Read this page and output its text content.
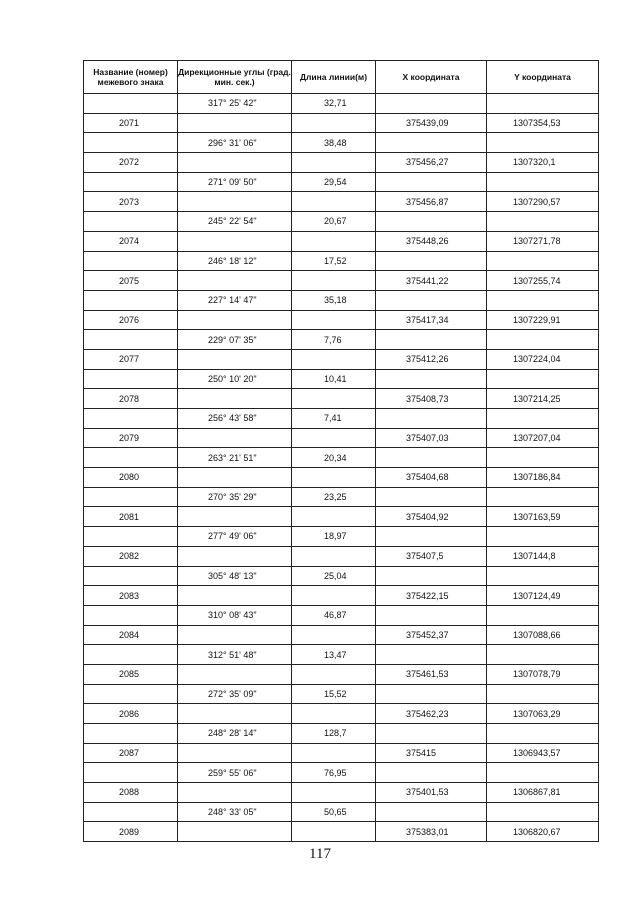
Название (номер) межевого знака	Дирекционные углы (град. мин. сек.)	Длина линии(м)	X координата	Y координата
	317° 25' 42"	32,71		
2071			375439,09	1307354,53
	296° 31' 06"	38,48		
2072			375456,27	1307320,1
	271° 09' 50"	29,54		
2073			375456,87	1307290,57
	245° 22' 54"	20,67		
2074			375448,26	1307271,78
	246° 18' 12"	17,52		
2075			375441,22	1307255,74
	227° 14' 47"	35,18		
2076			375417,34	1307229,91
	229° 07' 35"	7,76		
2077			375412,26	1307224,04
	250° 10' 20"	10,41		
2078			375408,73	1307214,25
	256° 43' 58"	7,41		
2079			375407,03	1307207,04
	263° 21' 51"	20,34		
2080			375404,68	1307186,84
	270° 35' 29"	23,25		
2081			375404,92	1307163,59
	277° 49' 06"	18,97		
2082			375407,5	1307144,8
	305° 48' 13"	25,04		
2083			375422,15	1307124,49
	310° 08' 43"	46,87		
2084			375452,37	1307088,66
	312° 51' 48"	13,47		
2085			375461,53	1307078,79
	272° 35' 09"	15,52		
2086			375462,23	1307063,29
	248° 28' 14"	128,7		
2087			375415	1306943,57
	259° 55' 06"	76,95		
2088			375401,53	1306867,81
	248° 33' 05"	50,65		
2089			375383,01	1306820,67
117
